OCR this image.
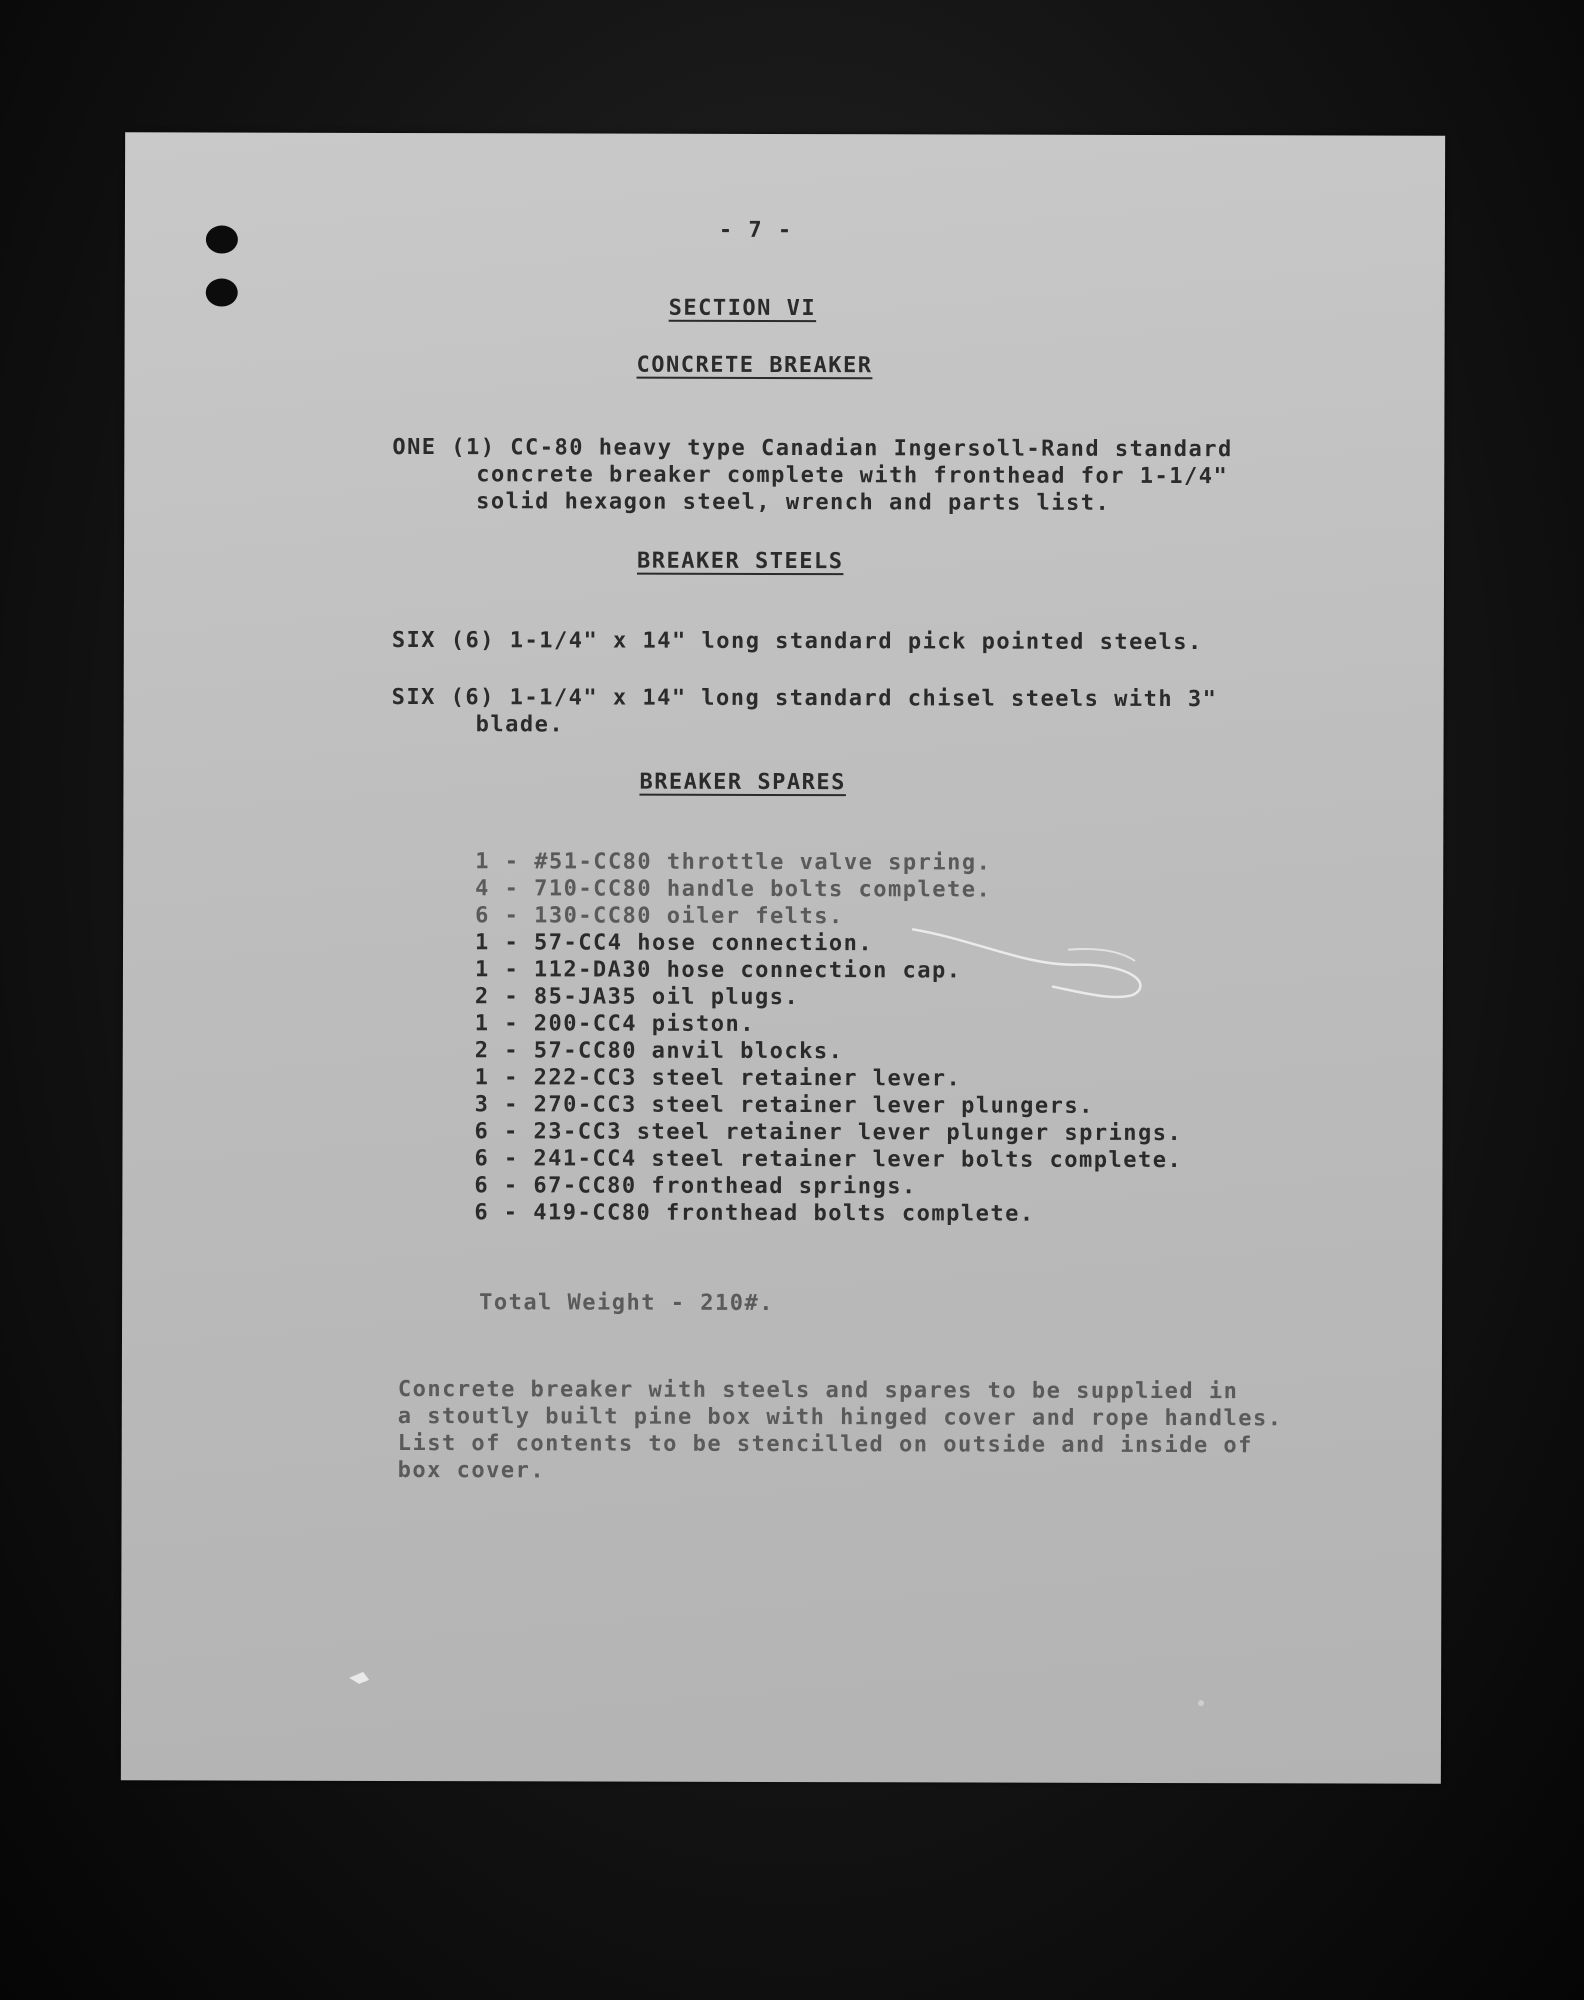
- 7 -
SECTION VI
CONCRETE BREAKER
ONE (1) CC-80 heavy type Canadian Ingersoll-Rand standard
concrete breaker complete with fronthead for 1-1/4"
solid hexagon steel, wrench and parts list.
BREAKER STEELS
SIX (6) 1-1/4" x 14" long standard pick pointed steels.
SIX (6) 1-1/4" x 14" long standard chisel steels with 3"
blade.
BREAKER SPARES
1 - #51-CC80 throttle valve spring.
4 - 710-CC80 handle bolts complete.
6 - 130-CC80 oiler felts.
1 - 57-CC4 hose connection.
1 - 112-DA30 hose connection cap.
2 - 85-JA35 oil plugs.
1 - 200-CC4 piston.
2 - 57-CC80 anvil blocks.
1 - 222-CC3 steel retainer lever.
3 - 270-CC3 steel retainer lever plungers.
6 - 23-CC3 steel retainer lever plunger springs.
6 - 241-CC4 steel retainer lever bolts complete.
6 - 67-CC80 fronthead springs.
6 - 419-CC80 fronthead bolts complete.
Total Weight - 210#.
Concrete breaker with steels and spares to be supplied in
a stoutly built pine box with hinged cover and rope handles.
List of contents to be stencilled on outside and inside of
box cover.
